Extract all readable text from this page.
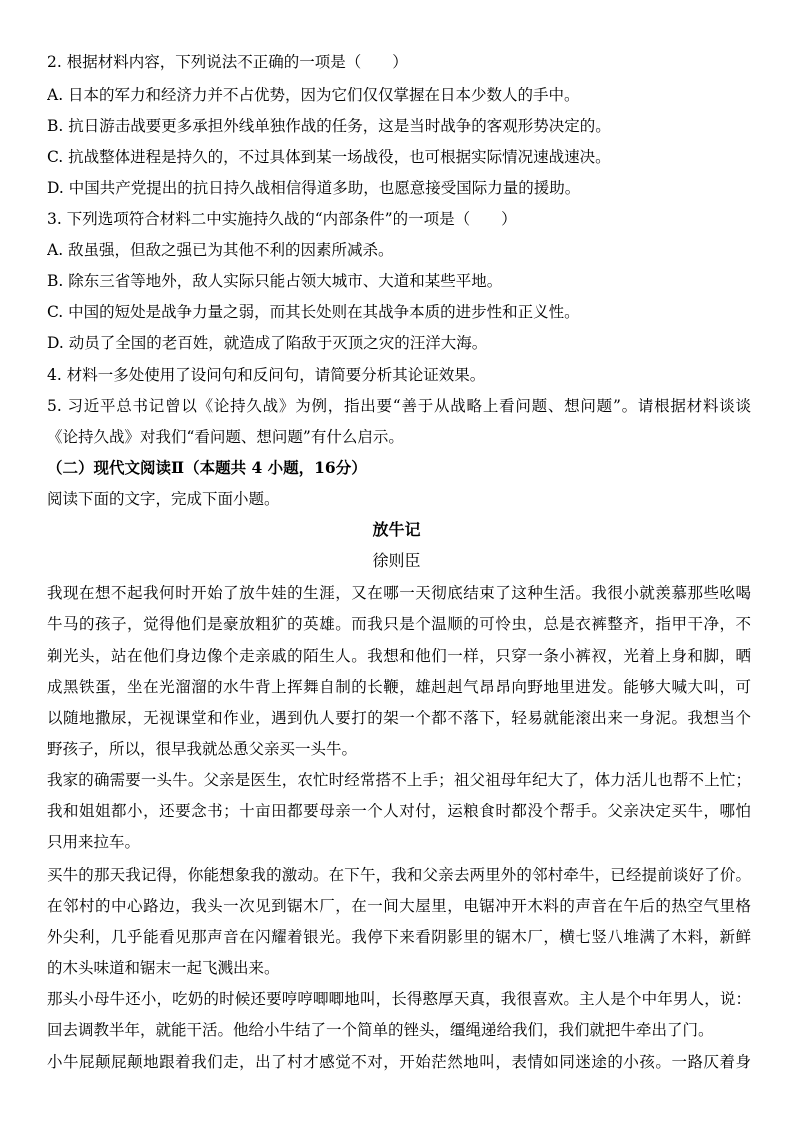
2. 根据材料内容，下列说法不正确的一项是（　　）
A. 日本的军力和经济力并不占优势，因为它们仅仅掌握在日本少数人的手中。
B. 抗日游击战要更多承担外线单独作战的任务，这是当时战争的客观形势决定的。
C. 抗战整体进程是持久的，不过具体到某一场战役，也可根据实际情况速战速决。
D. 中国共产党提出的抗日持久战相信得道多助，也愿意接受国际力量的援助。
3. 下列选项符合材料二中实施持久战的“内部条件”的一项是（　　）
A. 敌虽强，但敌之强已为其他不利的因素所减杀。
B. 除东三省等地外，敌人实际只能占领大城市、大道和某些平地。
C. 中国的短处是战争力量之弱，而其长处则在其战争本质的进步性和正义性。
D. 动员了全国的老百姓，就造成了陷敌于灭顶之灾的汪洋大海。
4. 材料一多处使用了设问句和反问句，请简要分析其论证效果。
5. 习近平总书记曾以《论持久战》为例，指出要“善于从战略上看问题、想问题”。请根据材料谈谈
《论持久战》对我们“看问题、想问题”有什么启示。
（二）现代文阅读Ⅱ（本题共 4 小题，16分）
阅读下面的文字，完成下面小题。
放牛记
徐则臣
我现在想不起我何时开始了放牛娃的生涯，又在哪一天彻底结束了这种生活。我很小就羡慕那些吆喝
牛马的孩子，觉得他们是豪放粗犷的英雄。而我只是个温顺的可怜虫，总是衣裤整齐，指甲干净，不
剃光头，站在他们身边像个走亲戚的陌生人。我想和他们一样，只穿一条小裤衩，光着上身和脚，晒
成黑铁蛋，坐在光溜溜的水牛背上挥舞自制的长鞭，雄赳赳气昂昂向野地里进发。能够大喊大叫，可
以随地撒尿，无视课堂和作业，遇到仇人要打的架一个都不落下，轻易就能滚出来一身泥。我想当个
野孩子，所以，很早我就怂恿父亲买一头牛。
我家的确需要一头牛。父亲是医生，农忙时经常搭不上手；祖父祖母年纪大了，体力活儿也帮不上忙；
我和姐姐都小，还要念书；十亩田都要母亲一个人对付，运粮食时都没个帮手。父亲决定买牛，哪怕
只用来拉车。
买牛的那天我记得，你能想象我的激动。在下午，我和父亲去两里外的邻村牵牛，已经提前谈好了价。
在邻村的中心路边，我头一次见到锯木厂，在一间大屋里，电锯冲开木料的声音在午后的热空气里格
外尖利，几乎能看见那声音在闪耀着银光。我停下来看阴影里的锯木厂，横七竖八堆满了木料，新鲜
的木头味道和锯末一起飞溅出来。
那头小母牛还小，吃奶的时候还要哼哼唧唧地叫，长得憨厚天真，我很喜欢。主人是个中年男人，说：
回去调教半年，就能干活。他给小牛结了一个简单的锉头，缰绳递给我们，我们就把牛牵出了门。
小牛屁颠屁颠地跟着我们走，出了村才感觉不对，开始茫然地叫，表情如同迷途的小孩。一路仄着身
